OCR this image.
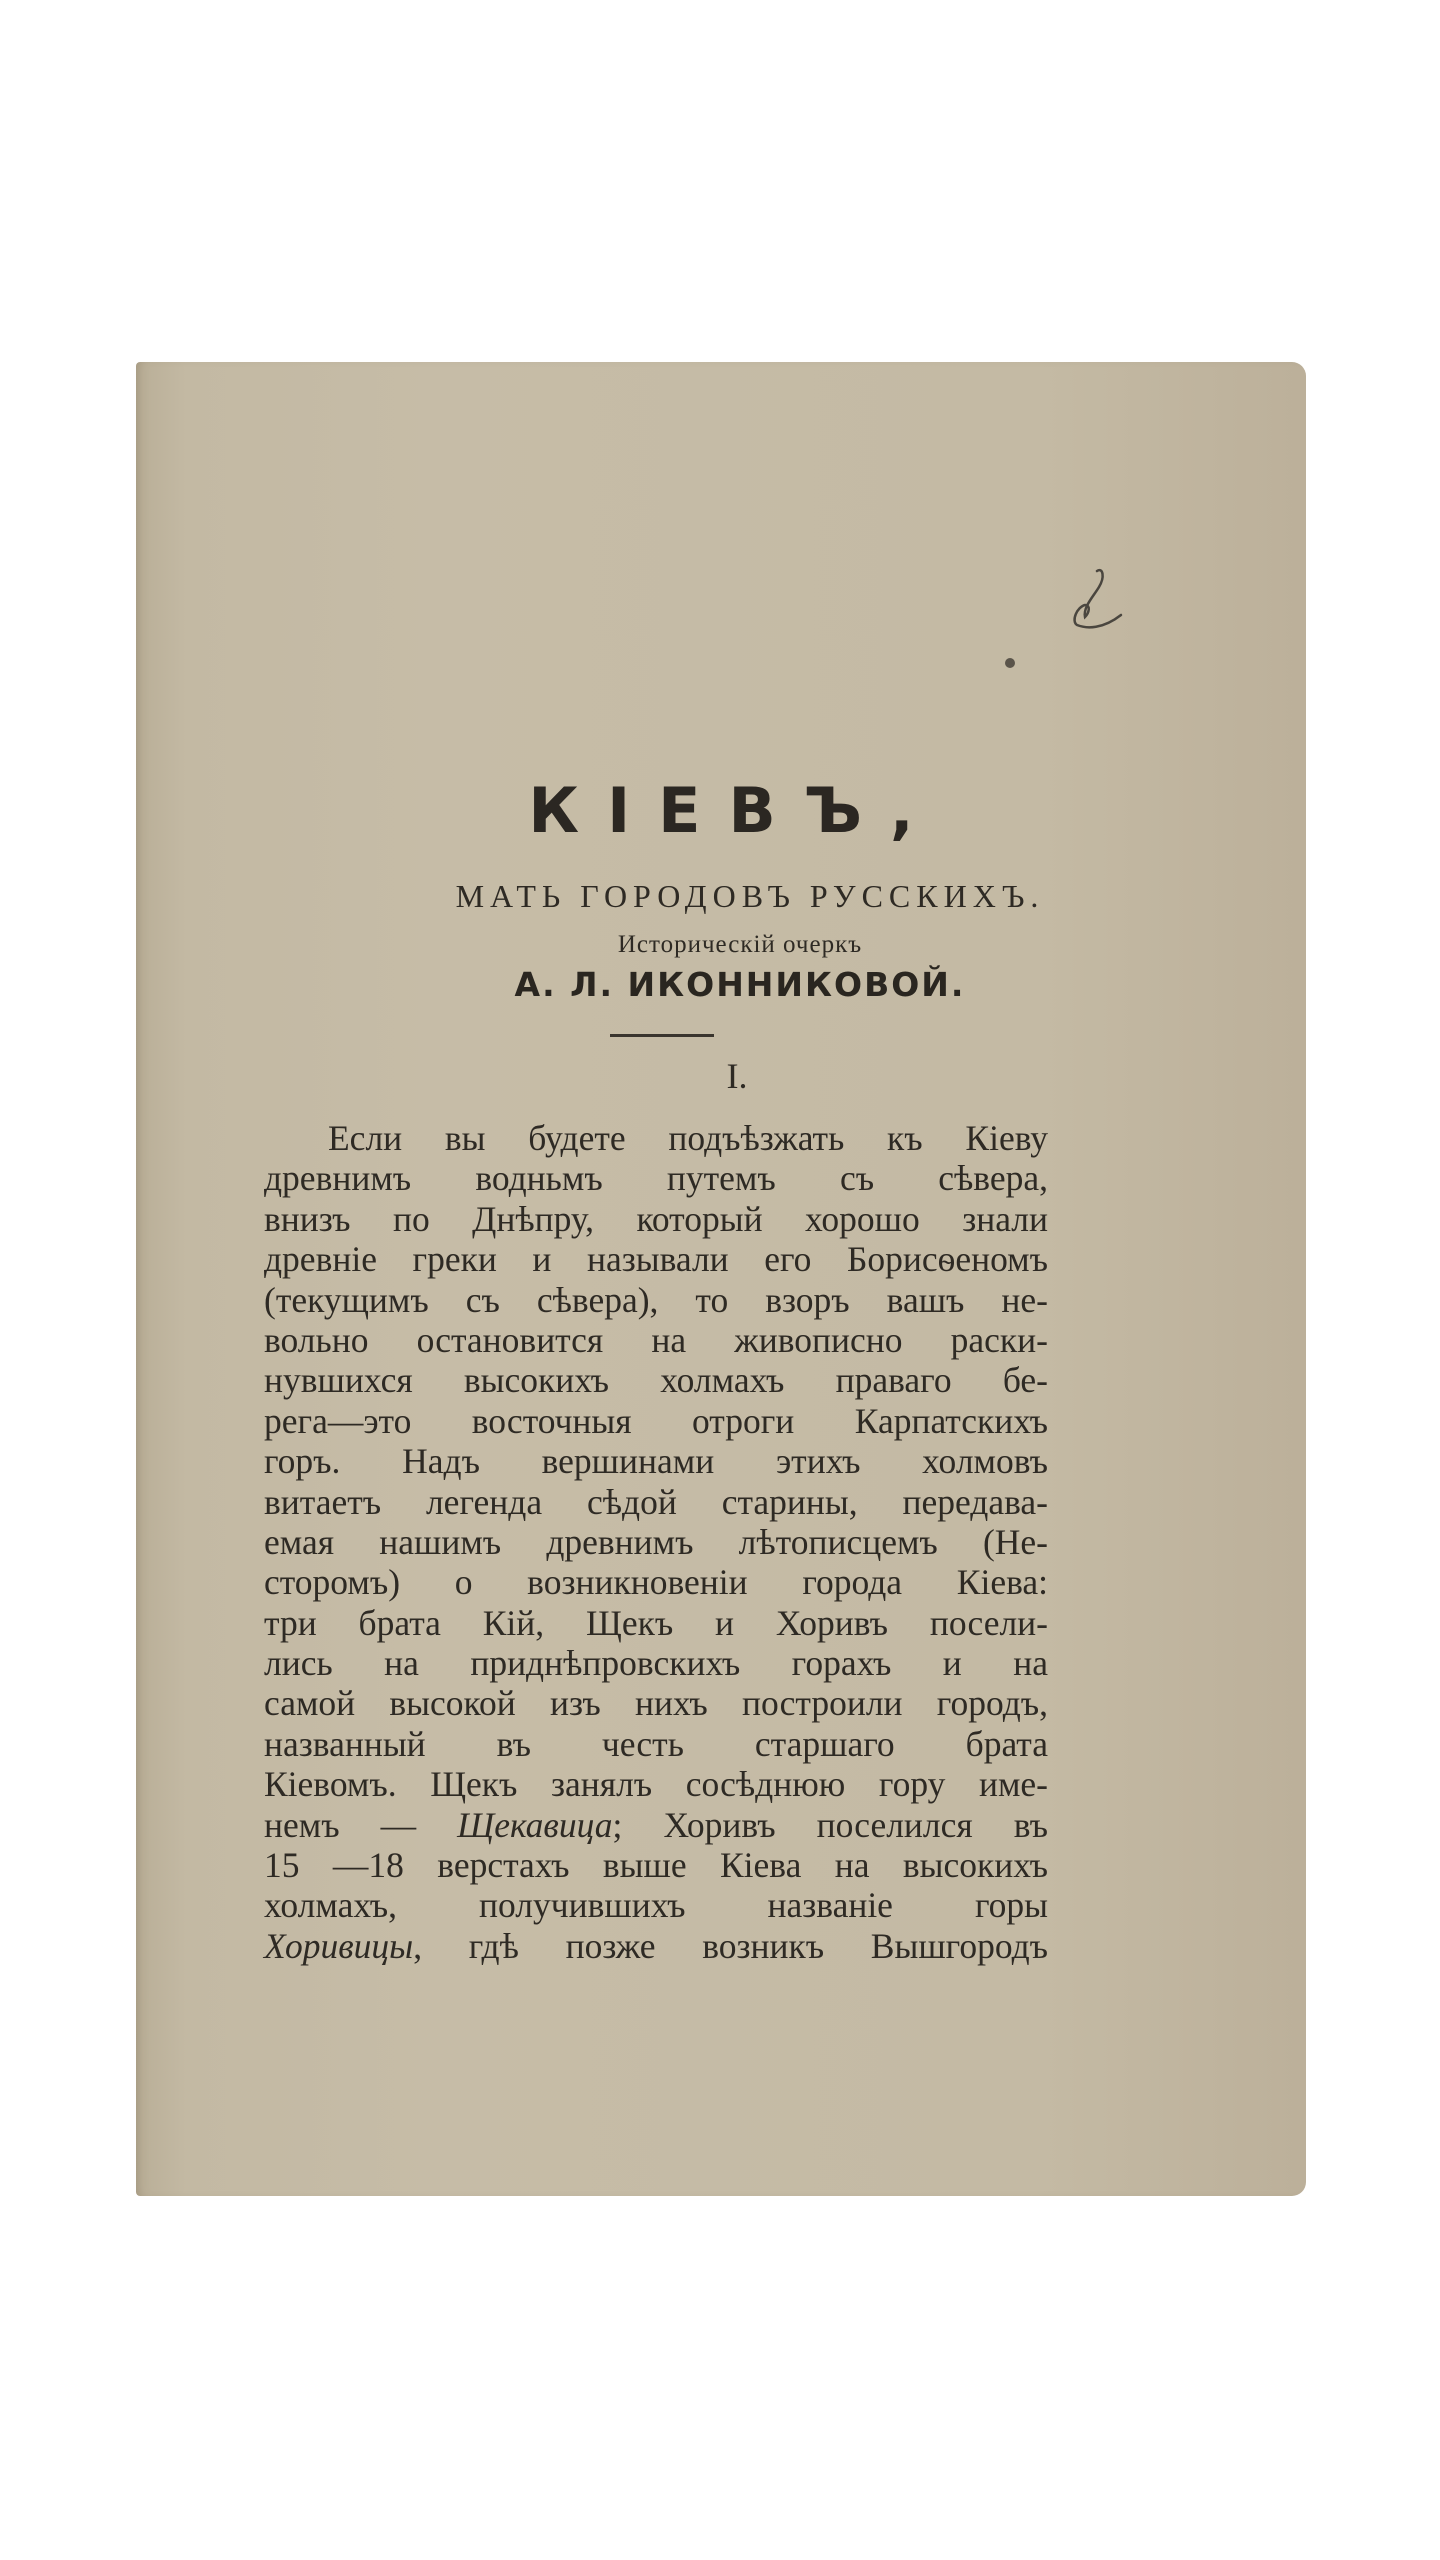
КІЕВЪ,
МАТЬ ГОРОДОВЪ РУССКИХЪ.
Историческій очеркъ
А. Л. ИКОННИКОВОЙ.
I.
Если вы будете подъѣзжать къ Кіеву
древнимъ водньмъ путемъ съ сѣвера,
внизъ по Днѣпру, который хорошо знали
древніе греки и называли его Борисѳеномъ
(текущимъ съ сѣвера), то взоръ вашъ не-
вольно остановится на живописно раски-
нувшихся высокихъ холмахъ праваго бе-
рега—это восточныя отроги Карпатскихъ
горъ. Надъ вершинами этихъ холмовъ
витаетъ легенда сѣдой старины, передава-
емая нашимъ древнимъ лѣтописцемъ (Не-
сторомъ) о возникновеніи города Кіева:
три брата Кій, Щекъ и Хоривъ посели-
лись на приднѣпровскихъ горахъ и на
самой высокой изъ нихъ построили городъ,
названный въ честь старшаго брата
Кіевомъ. Щекъ занялъ сосѣднюю гору име-
немъ — Щекавица; Хоривъ поселился въ
15 —18 верстахъ выше Кіева на высокихъ
холмахъ, получившихъ названіе горы
Хоривицы, гдѣ позже возникъ Вышгородъ
